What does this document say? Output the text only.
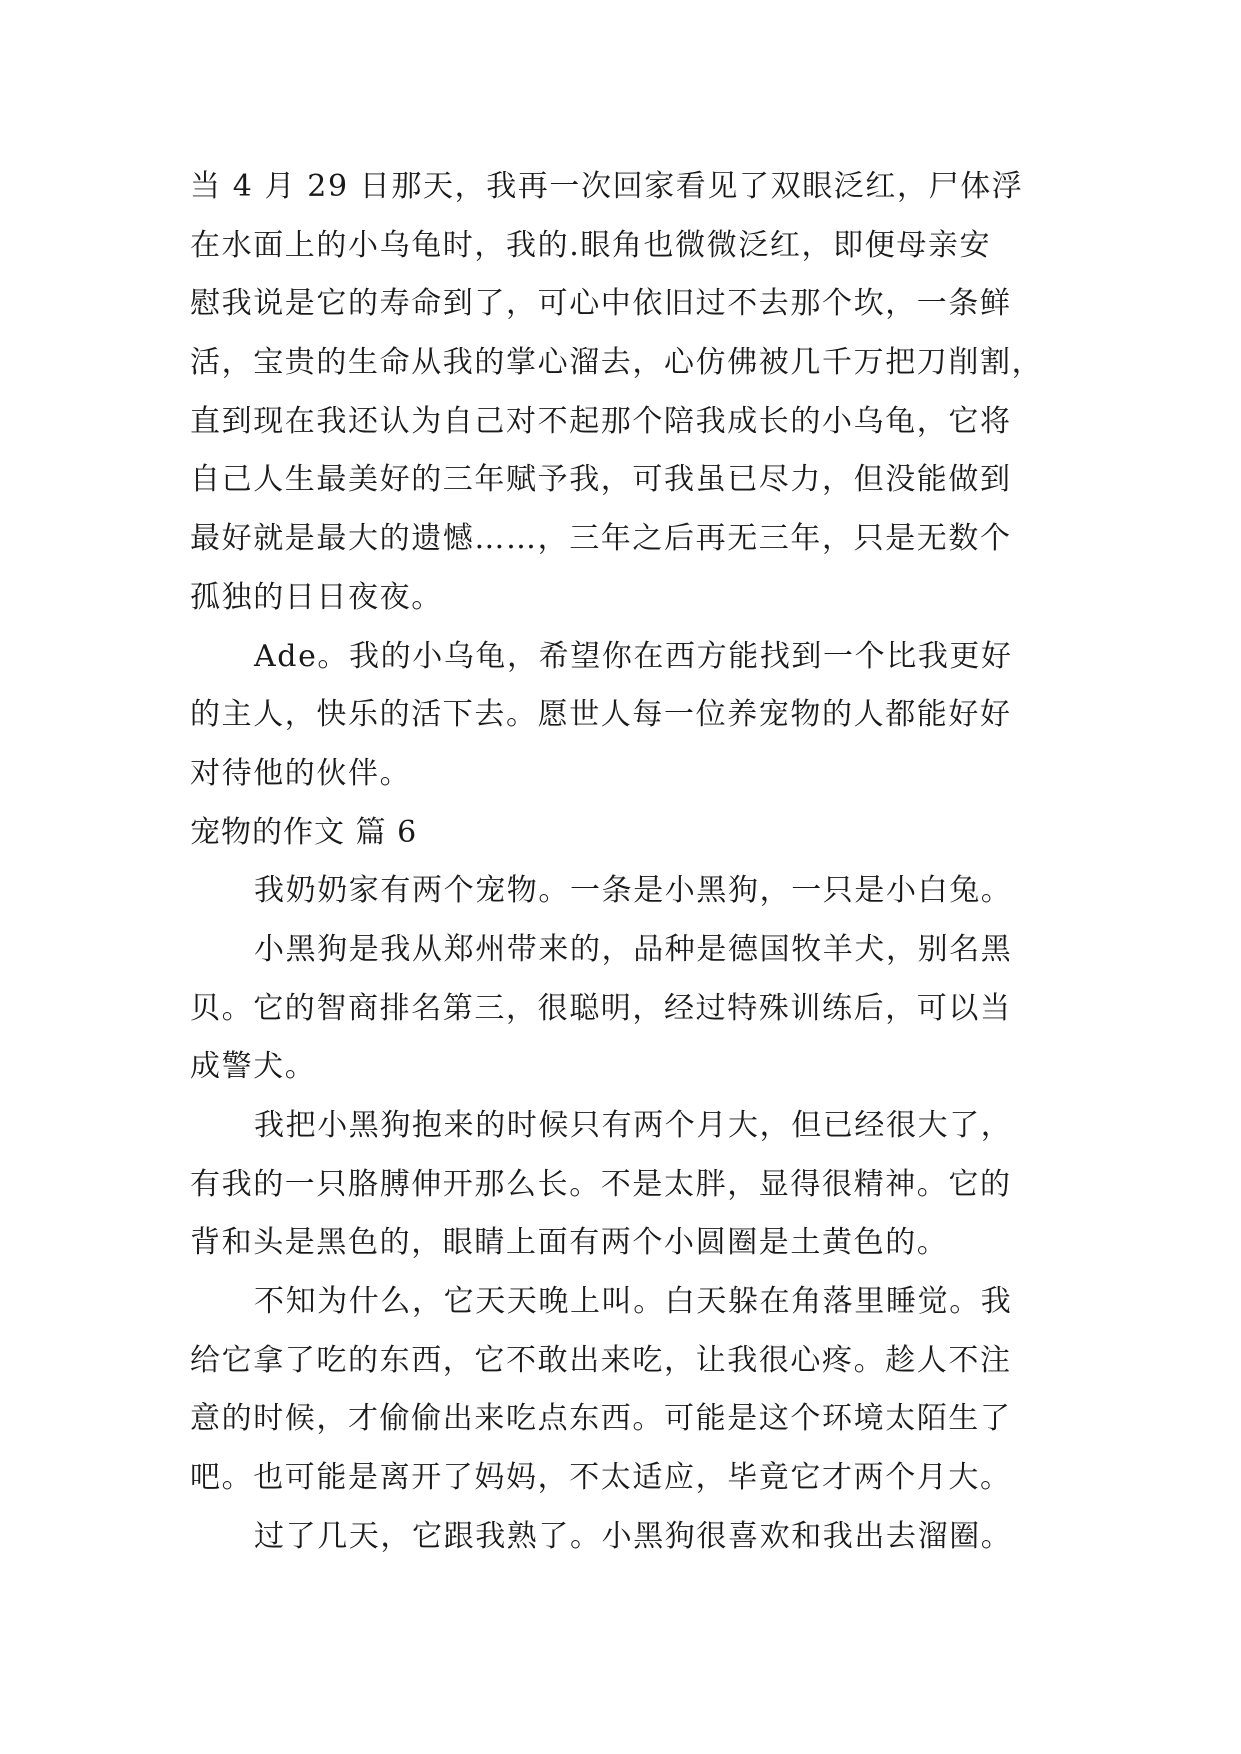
当 4 月 29 日那天，我再一次回家看见了双眼泛红，尸体浮
在水面上的小乌龟时，我的.眼角也微微泛红，即便母亲安
慰我说是它的寿命到了，可心中依旧过不去那个坎，一条鲜
活，宝贵的生命从我的掌心溜去，心仿佛被几千万把刀削割，
直到现在我还认为自己对不起那个陪我成长的小乌龟，它将
自己人生最美好的三年赋予我，可我虽已尽力，但没能做到
最好就是最大的遗憾……，三年之后再无三年，只是无数个
孤独的日日夜夜。
Ade。我的小乌龟，希望你在西方能找到一个比我更好
的主人，快乐的活下去。愿世人每一位养宠物的人都能好好
对待他的伙伴。
宠物的作文 篇 6
我奶奶家有两个宠物。一条是小黑狗，一只是小白兔。
小黑狗是我从郑州带来的，品种是德国牧羊犬，别名黑
贝。它的智商排名第三，很聪明，经过特殊训练后，可以当
成警犬。
我把小黑狗抱来的时候只有两个月大，但已经很大了，
有我的一只胳膊伸开那么长。不是太胖，显得很精神。它的
背和头是黑色的，眼睛上面有两个小圆圈是土黄色的。
不知为什么，它天天晚上叫。白天躲在角落里睡觉。我
给它拿了吃的东西，它不敢出来吃，让我很心疼。趁人不注
意的时候，才偷偷出来吃点东西。可能是这个环境太陌生了
吧。也可能是离开了妈妈，不太适应，毕竟它才两个月大。
过了几天，它跟我熟了。小黑狗很喜欢和我出去溜圈。
